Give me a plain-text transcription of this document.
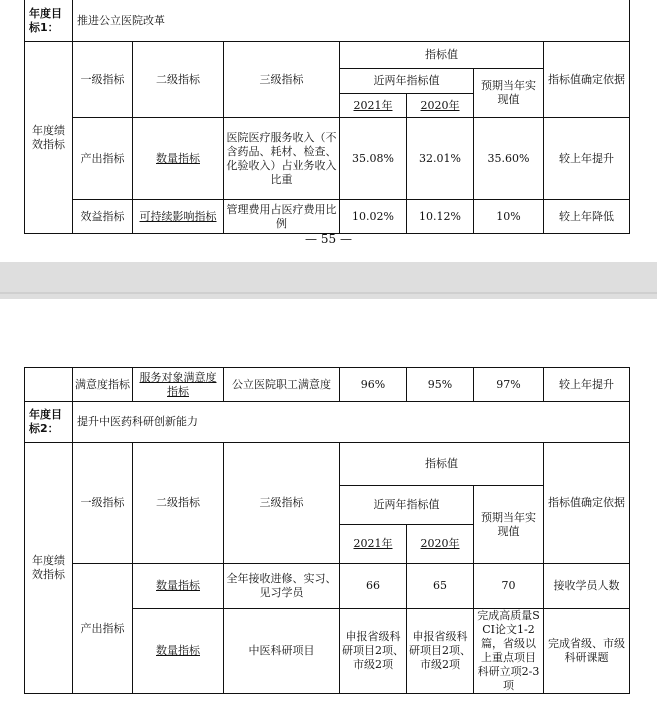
年度目标1：	推进公立医院改革						
年度绩效指标	一级指标	二级指标	三级指标	指标值			指标值确定依据
				近两年指标值		预期当年实现值	
				2021年	2020年		
	产出指标	数量指标	医院医疗服务收入（不含药品、耗材、检查、化验收入）占业务收入比重	35.08%	32.01%	35.60%	较上年提升
	效益指标	可持续影响指标	管理费用占医疗费用比例	10.02%	10.12%	10%	较上年降低
— 55 —
	满意度指标	服务对象满意度指标	公立医院职工满意度	96%	95%	97%	较上年提升
年度目标2：	提升中医药科研创新能力						
年度绩效指标	一级指标	二级指标	三级指标	指标值			指标值确定依据
				近两年指标值		预期当年实现值	
				2021年	2020年		
	产出指标	数量指标	全年接收进修、实习、见习学员	66	65	70	接收学员人数
		数量指标	中医科研项目	申报省级科研项目2项、市级2项	申报省级科研项目2项、市级2项	完成高质量SCI论文1-2篇，省级以上重点项目科研立项2-3项	完成省级、市级科研课题
